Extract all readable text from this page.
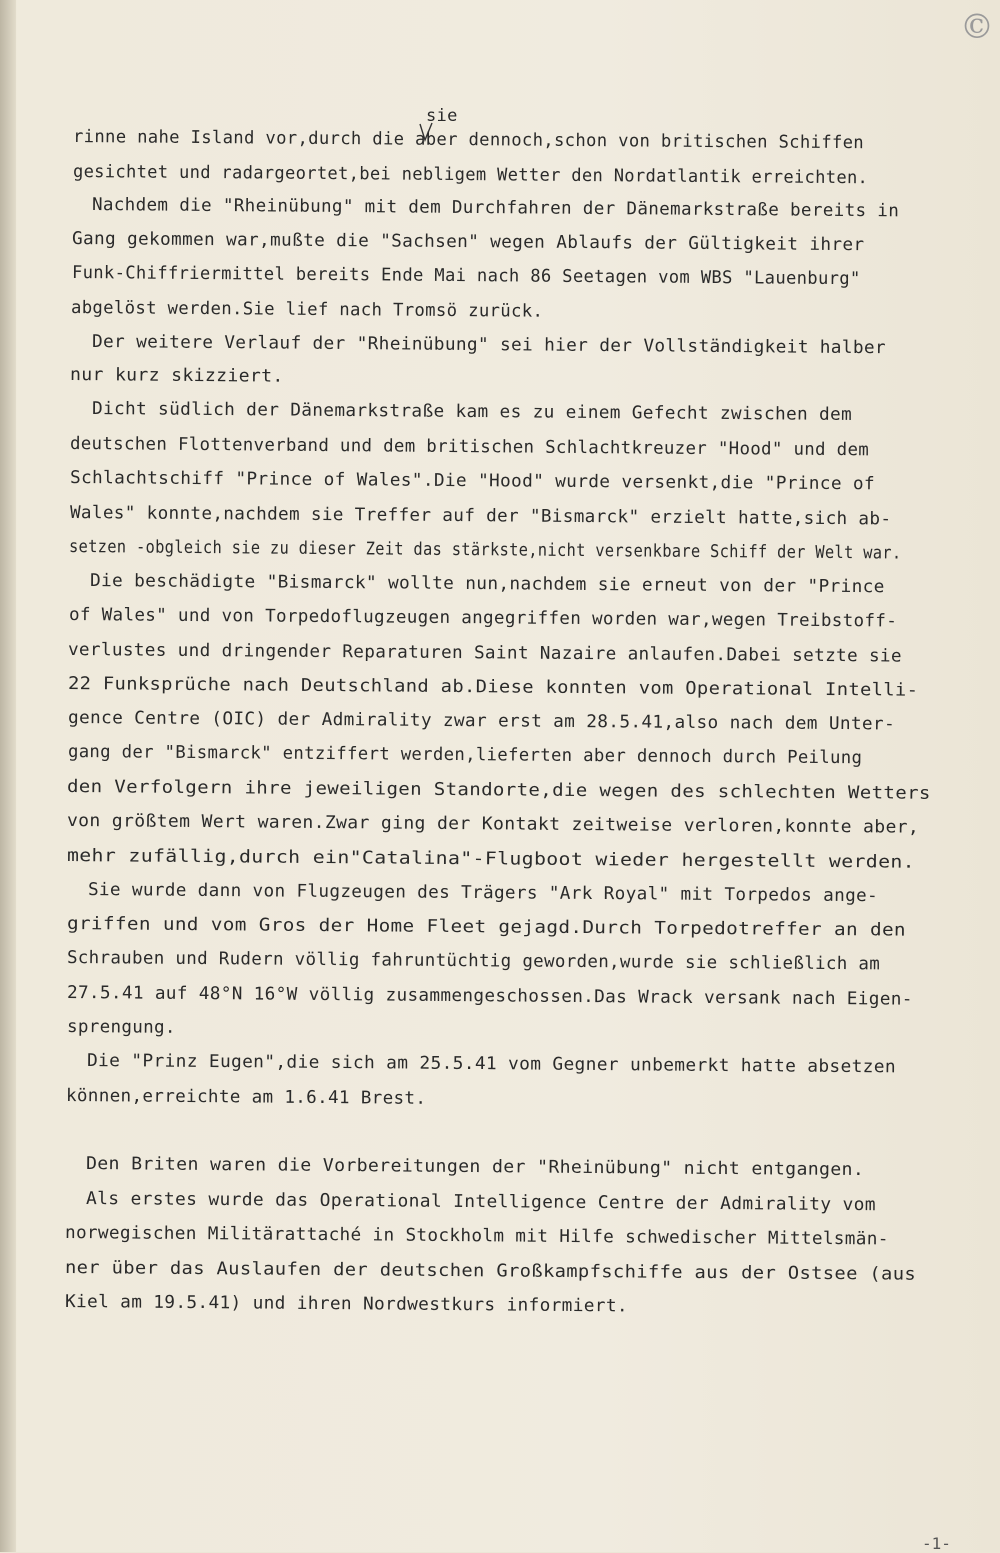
©
sie
rinne nahe Island vor,durch die aber dennoch,schon von britischen Schiffen
gesichtet und radargeortet,bei nebligem Wetter den Nordatlantik erreichten.
Nachdem die "Rheinübung" mit dem Durchfahren der Dänemarkstraße bereits in
Gang gekommen war,mußte die "Sachsen" wegen Ablaufs der Gültigkeit ihrer
Funk-Chiffriermittel bereits Ende Mai nach 86 Seetagen vom WBS "Lauenburg"
abgelöst werden.Sie lief nach Tromsö zurück.
Der weitere Verlauf der "Rheinübung" sei hier der Vollständigkeit halber
nur kurz skizziert.
Dicht südlich der Dänemarkstraße kam es zu einem Gefecht zwischen dem
deutschen Flottenverband und dem britischen Schlachtkreuzer "Hood" und dem
Schlachtschiff "Prince of Wales".Die "Hood" wurde versenkt,die "Prince of
Wales" konnte,nachdem sie Treffer auf der "Bismarck" erzielt hatte,sich ab-
setzen -obgleich sie zu dieser Zeit das stärkste,nicht versenkbare Schiff der Welt war.
Die beschädigte "Bismarck" wollte nun,nachdem sie erneut von der "Prince
of Wales" und von Torpedoflugzeugen angegriffen worden war,wegen Treibstoff-
verlustes und dringender Reparaturen Saint Nazaire anlaufen.Dabei setzte sie
22 Funksprüche nach Deutschland ab.Diese konnten vom Operational Intelli-
gence Centre (OIC) der Admirality zwar erst am 28.5.41,also nach dem Unter-
gang der "Bismarck" entziffert werden,lieferten aber dennoch durch Peilung
den Verfolgern ihre jeweiligen Standorte,die wegen des schlechten Wetters
von größtem Wert waren.Zwar ging der Kontakt zeitweise verloren,konnte aber,
mehr zufällig,durch ein"Catalina"-Flugboot wieder hergestellt werden.
Sie wurde dann von Flugzeugen des Trägers "Ark Royal" mit Torpedos ange-
griffen und vom Gros der Home Fleet gejagd.Durch Torpedotreffer an den
Schrauben und Rudern völlig fahruntüchtig geworden,wurde sie schließlich am
27.5.41 auf 48°N 16°W völlig zusammengeschossen.Das Wrack versank nach Eigen-
sprengung.
Die "Prinz Eugen",die sich am 25.5.41 vom Gegner unbemerkt hatte absetzen
können,erreichte am 1.6.41 Brest.
Den Briten waren die Vorbereitungen der "Rheinübung" nicht entgangen.
Als erstes wurde das Operational Intelligence Centre der Admirality vom
norwegischen Militärattaché in Stockholm mit Hilfe schwedischer Mittelsmän-
ner über das Auslaufen der deutschen Großkampfschiffe aus der Ostsee (aus
Kiel am 19.5.41) und ihren Nordwestkurs informiert.
-1-
